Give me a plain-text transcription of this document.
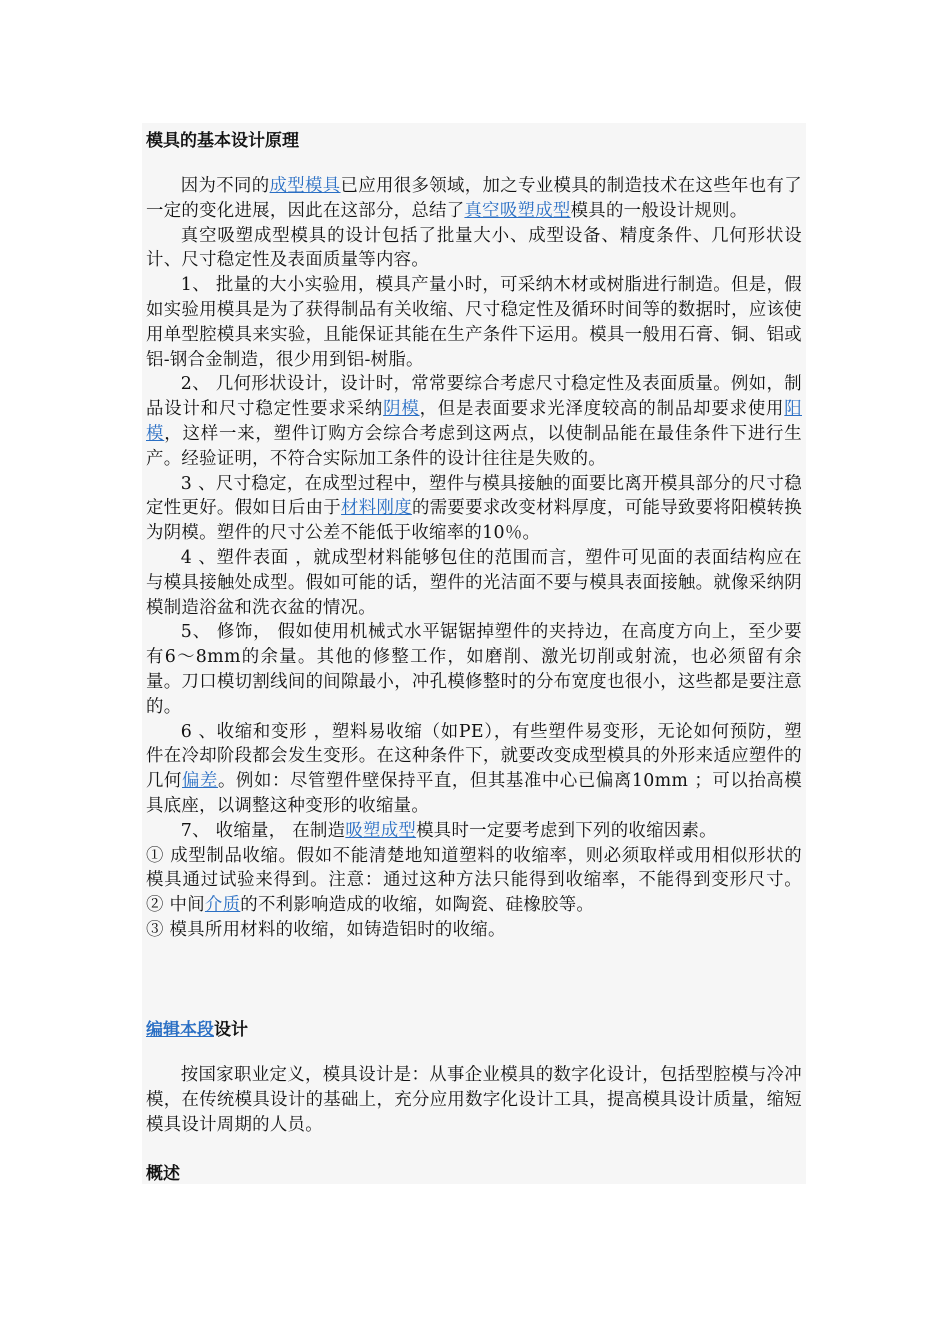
模具的基本设计原理

因为不同的成型模具已应用很多领域，加之专业模具的制造技术在这些年也有了一定的变化进展，因此在这部分，总结了真空吸塑成型模具的一般设计规则。

真空吸塑成型模具的设计包括了批量大小、成型设备、精度条件、几何形状设计、尺寸稳定性及表面质量等内容。

1、 批量的大小实验用，模具产量小时，可采纳木材或树脂进行制造。但是，假如实验用模具是为了获得制品有关收缩、尺寸稳定性及循环时间等的数据时，应该使用单型腔模具来实验，且能保证其能在生产条件下运用。模具一般用石膏、铜、铝或铝-钢合金制造，很少用到铝-树脂。

2、 几何形状设计，设计时，常常要综合考虑尺寸稳定性及表面质量。例如，制品设计和尺寸稳定性要求采纳阴模，但是表面要求光泽度较高的制品却要求使用阳模，这样一来，塑件订购方会综合考虑到这两点，以使制品能在最佳条件下进行生产。经验证明，不符合实际加工条件的设计往往是失败的。

3 、尺寸稳定，在成型过程中，塑件与模具接触的面要比离开模具部分的尺寸稳定性更好。假如日后由于材料刚度的需要要求改变材料厚度，可能导致要将阳模转换为阴模。塑件的尺寸公差不能低于收缩率的10％。

4 、塑件表面 ，就成型材料能够包住的范围而言，塑件可见面的表面结构应在与模具接触处成型。假如可能的话，塑件的光洁面不要与模具表面接触。就像采纳阴模制造浴盆和洗衣盆的情况。

5、 修饰， 假如使用机械式水平锯锯掉塑件的夹持边，在高度方向上，至少要有6～8mm的余量。其他的修整工作，如磨削、激光切削或射流，也必须留有余量。刀口模切割线间的间隙最小，冲孔模修整时的分布宽度也很小，这些都是要注意的。

6 、收缩和变形 ，塑料易收缩（如PE），有些塑件易变形，无论如何预防，塑件在冷却阶段都会发生变形。在这种条件下，就要改变成型模具的外形来适应塑件的几何偏差。例如：尽管塑件壁保持平直，但其基准中心已偏离10mm ；可以抬高模具底座，以调整这种变形的收缩量。

7、 收缩量， 在制造吸塑成型模具时一定要考虑到下列的收缩因素。

① 成型制品收缩。假如不能清楚地知道塑料的收缩率，则必须取样或用相似形状的模具通过试验来得到。注意：通过这种方法只能得到收缩率，不能得到变形尺寸。 ② 中间介质的不利影响造成的收缩，如陶瓷、硅橡胶等。

③ 模具所用材料的收缩，如铸造铝时的收缩。

编辑本段设计

按国家职业定义，模具设计是：从事企业模具的数字化设计，包括型腔模与冷冲模，在传统模具设计的基础上，充分应用数字化设计工具，提高模具设计质量，缩短模具设计周期的人员。

概述
